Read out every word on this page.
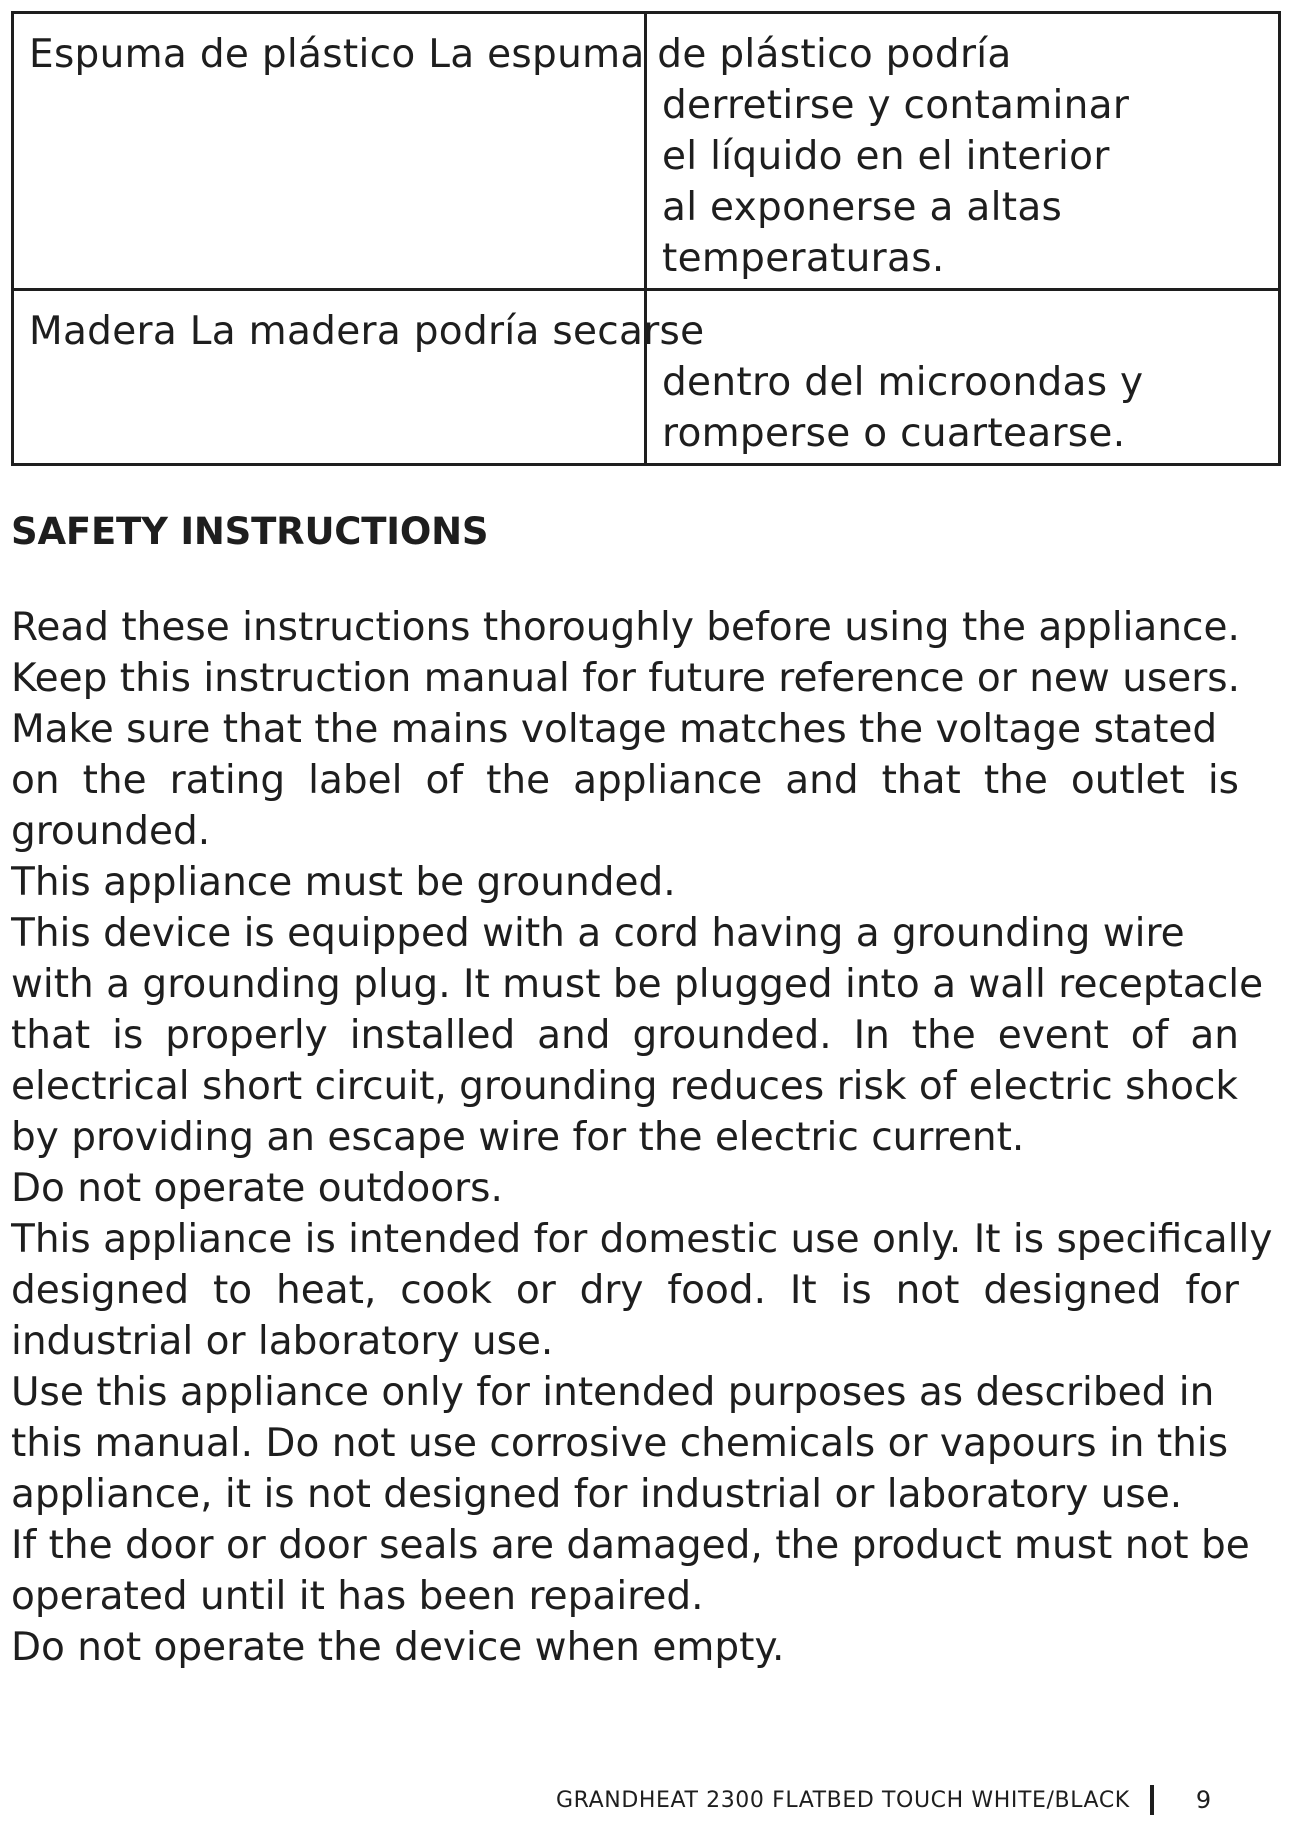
derretirse y contaminar
el líquido en el interior
al exponerse a altas
temperaturas.
Espuma de plástico La espuma de plástico podría
dentro del microondas y
romperse o cuartearse.
Madera La madera podría secarse
SAFETY INSTRUCTIONS
Read these instructions thoroughly before using the appliance.
Keep this instruction manual for future reference or new users.
Make sure that the mains voltage matches the voltage stated
on the rating label of the appliance and that the outlet is
grounded.
This appliance must be grounded.
This device is equipped with a cord having a grounding wire
with a grounding plug. It must be plugged into a wall receptacle
that is properly installed and grounded. In the event of an
electrical short circuit, grounding reduces risk of electric shock
by providing an escape wire for the electric current.
Do not operate outdoors.
This appliance is intended for domestic use only. It is specifically
designed to heat, cook or dry food. It is not designed for
industrial or laboratory use.
Use this appliance only for intended purposes as described in
this manual. Do not use corrosive chemicals or vapours in this
appliance, it is not designed for industrial or laboratory use.
If the door or door seals are damaged, the product must not be
operated until it has been repaired.
Do not operate the device when empty.
GRANDHEAT 2300 FLATBED TOUCH WHITE/BLACK	9
